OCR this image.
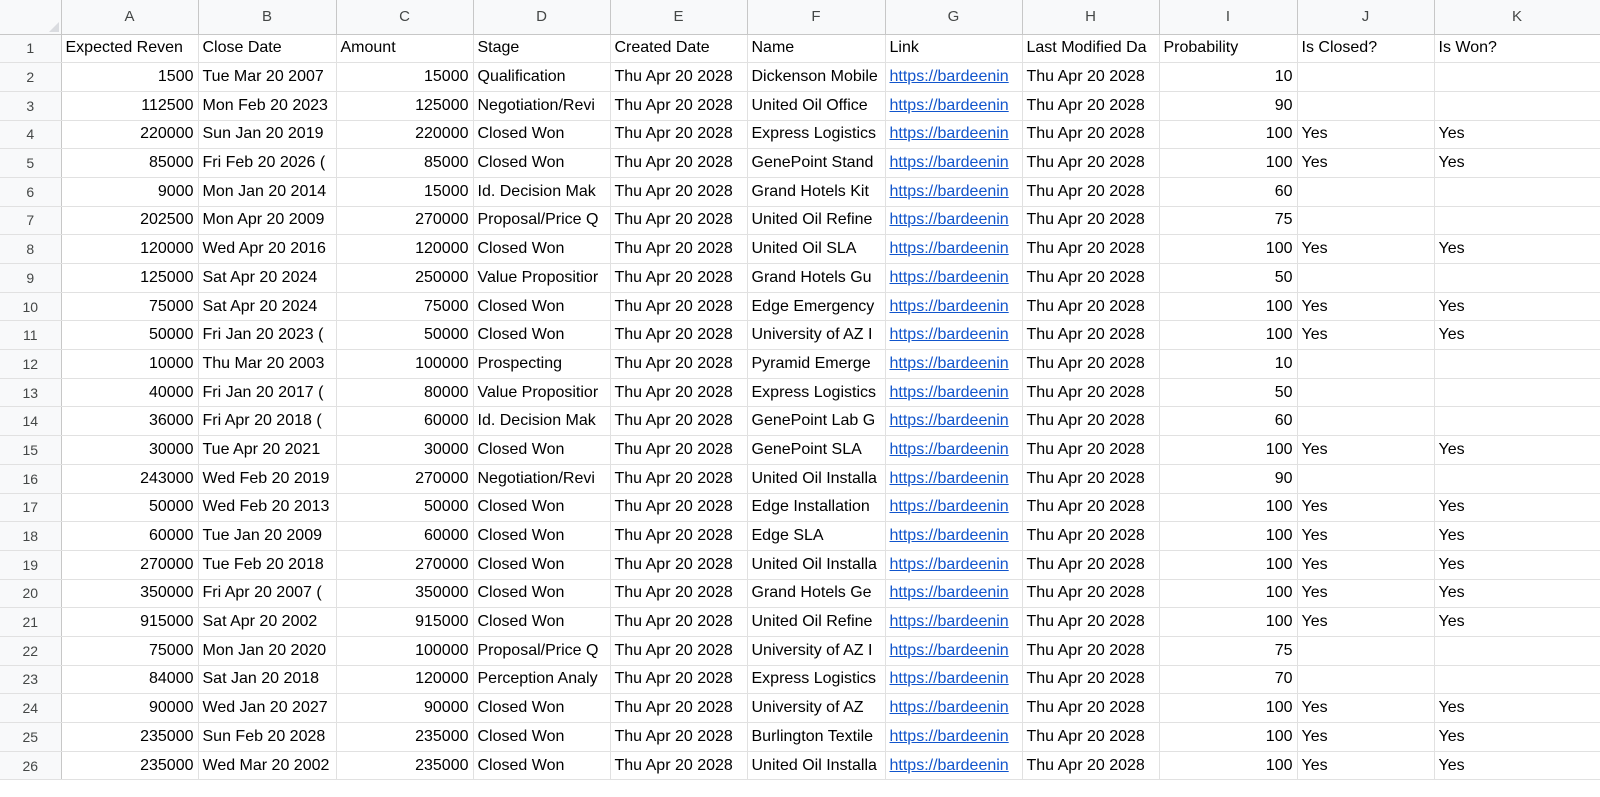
	A	B	C	D	E	F	G	H	I	J	K
1	Expected Reven	Close Date	Amount	Stage	Created Date	Name	Link	Last Modified Da	Probability	Is Closed?	Is Won?
2	1500	Tue Mar 20 2007	15000	Qualification	Thu Apr 20 2028	Dickenson Mobile	https://bardeenin	Thu Apr 20 2028	10		
3	112500	Mon Feb 20 2023	125000	Negotiation/Revi	Thu Apr 20 2028	United Oil Office	https://bardeenin	Thu Apr 20 2028	90		
4	220000	Sun Jan 20 2019	220000	Closed Won	Thu Apr 20 2028	Express Logistics	https://bardeenin	Thu Apr 20 2028	100	Yes	Yes
5	85000	Fri Feb 20 2026 (	85000	Closed Won	Thu Apr 20 2028	GenePoint Stand	https://bardeenin	Thu Apr 20 2028	100	Yes	Yes
6	9000	Mon Jan 20 2014	15000	Id. Decision Mak	Thu Apr 20 2028	Grand Hotels Kit	https://bardeenin	Thu Apr 20 2028	60		
7	202500	Mon Apr 20 2009	270000	Proposal/Price Q	Thu Apr 20 2028	United Oil Refine	https://bardeenin	Thu Apr 20 2028	75		
8	120000	Wed Apr 20 2016	120000	Closed Won	Thu Apr 20 2028	United Oil SLA	https://bardeenin	Thu Apr 20 2028	100	Yes	Yes
9	125000	Sat Apr 20 2024	250000	Value Propositior	Thu Apr 20 2028	Grand Hotels Gu	https://bardeenin	Thu Apr 20 2028	50		
10	75000	Sat Apr 20 2024	75000	Closed Won	Thu Apr 20 2028	Edge Emergency	https://bardeenin	Thu Apr 20 2028	100	Yes	Yes
11	50000	Fri Jan 20 2023 (	50000	Closed Won	Thu Apr 20 2028	University of AZ I	https://bardeenin	Thu Apr 20 2028	100	Yes	Yes
12	10000	Thu Mar 20 2003	100000	Prospecting	Thu Apr 20 2028	Pyramid Emerge	https://bardeenin	Thu Apr 20 2028	10		
13	40000	Fri Jan 20 2017 (	80000	Value Propositior	Thu Apr 20 2028	Express Logistics	https://bardeenin	Thu Apr 20 2028	50		
14	36000	Fri Apr 20 2018 (	60000	Id. Decision Mak	Thu Apr 20 2028	GenePoint Lab G	https://bardeenin	Thu Apr 20 2028	60		
15	30000	Tue Apr 20 2021	30000	Closed Won	Thu Apr 20 2028	GenePoint SLA	https://bardeenin	Thu Apr 20 2028	100	Yes	Yes
16	243000	Wed Feb 20 2019	270000	Negotiation/Revi	Thu Apr 20 2028	United Oil Installa	https://bardeenin	Thu Apr 20 2028	90		
17	50000	Wed Feb 20 2013	50000	Closed Won	Thu Apr 20 2028	Edge Installation	https://bardeenin	Thu Apr 20 2028	100	Yes	Yes
18	60000	Tue Jan 20 2009	60000	Closed Won	Thu Apr 20 2028	Edge SLA	https://bardeenin	Thu Apr 20 2028	100	Yes	Yes
19	270000	Tue Feb 20 2018	270000	Closed Won	Thu Apr 20 2028	United Oil Installa	https://bardeenin	Thu Apr 20 2028	100	Yes	Yes
20	350000	Fri Apr 20 2007 (	350000	Closed Won	Thu Apr 20 2028	Grand Hotels Ge	https://bardeenin	Thu Apr 20 2028	100	Yes	Yes
21	915000	Sat Apr 20 2002	915000	Closed Won	Thu Apr 20 2028	United Oil Refine	https://bardeenin	Thu Apr 20 2028	100	Yes	Yes
22	75000	Mon Jan 20 2020	100000	Proposal/Price Q	Thu Apr 20 2028	University of AZ I	https://bardeenin	Thu Apr 20 2028	75		
23	84000	Sat Jan 20 2018	120000	Perception Analy	Thu Apr 20 2028	Express Logistics	https://bardeenin	Thu Apr 20 2028	70		
24	90000	Wed Jan 20 2027	90000	Closed Won	Thu Apr 20 2028	University of AZ	https://bardeenin	Thu Apr 20 2028	100	Yes	Yes
25	235000	Sun Feb 20 2028	235000	Closed Won	Thu Apr 20 2028	Burlington Textile	https://bardeenin	Thu Apr 20 2028	100	Yes	Yes
26	235000	Wed Mar 20 2002	235000	Closed Won	Thu Apr 20 2028	United Oil Installa	https://bardeenin	Thu Apr 20 2028	100	Yes	Yes
